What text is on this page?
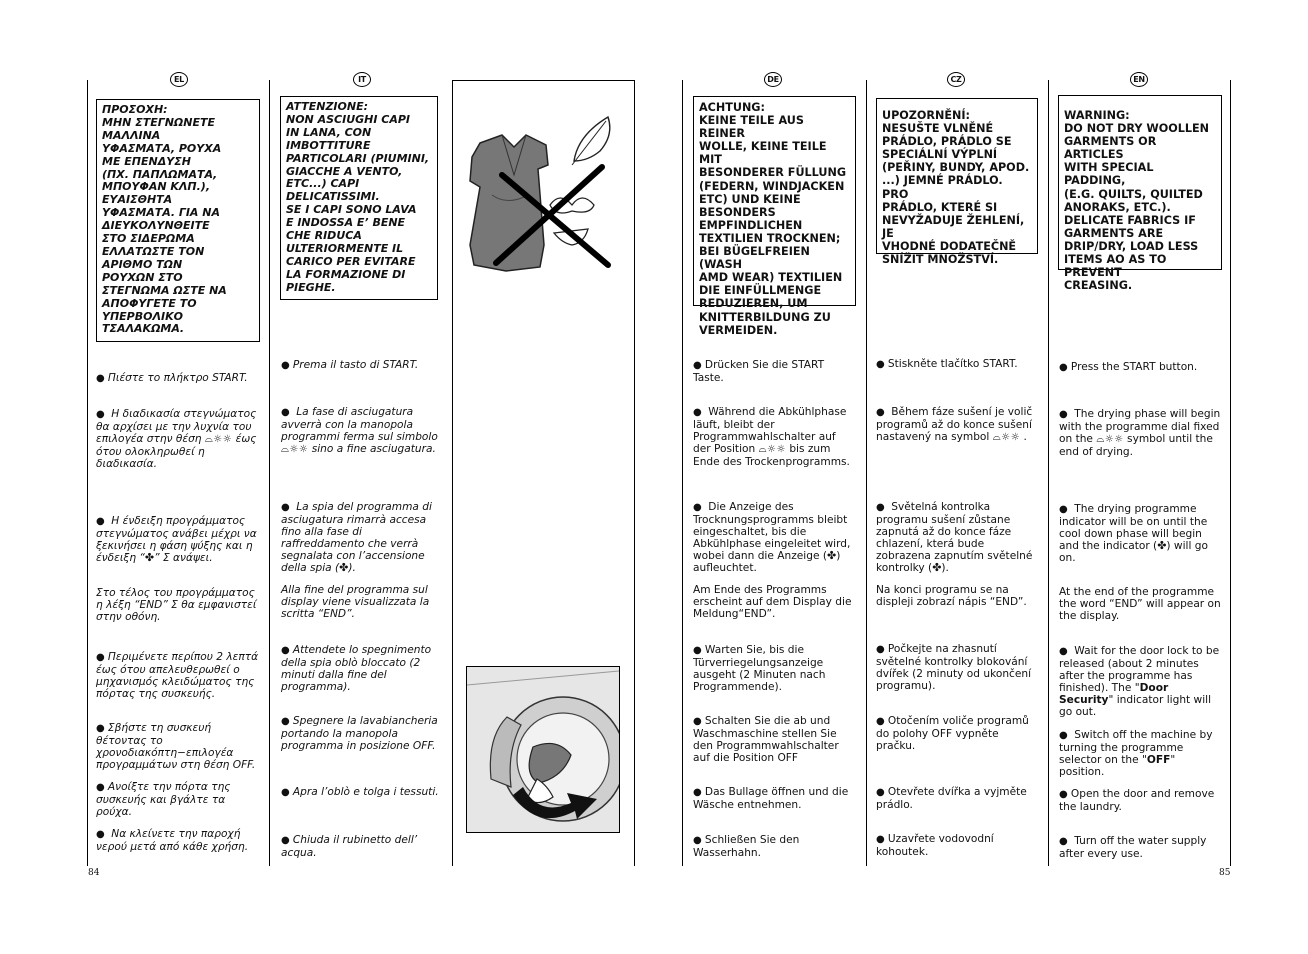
EL	IT	DE	CZ	EN
ΠΡΟΣΟΧΗ:
ΜΗΝ ΣΤΕΓΝΩΝΕΤΕ
ΜΑΛΛΙΝΑ
ΥΦΑΣΜΑΤΑ, ΡΟΥΧΑ
ΜΕ ΕΠΕΝΔΥΣΗ
(ΠΧ. ΠΑΠΛΩΜΑΤΑ,
ΜΠΟΥΦΑΝ ΚΛΠ.),
ΕΥΑΙΣΘΗΤΑ
ΥΦΑΣΜΑΤΑ. ΓΙΑ ΝΑ
ΔΙΕΥΚΟΛΥΝΘΕΙΤΕ
ΣΤΟ ΣΙΔΕΡΩΜΑ
ΕΛΛΑΤΩΣΤΕ ΤΟΝ
ΑΡΙΘΜΟ ΤΩΝ
ΡΟΥΧΩΝ ΣΤΟ
ΣΤΕΓΝΩΜΑ ΩΣΤΕ ΝΑ
ΑΠΟΦΥΓΕΤΕ ΤΟ
ΥΠΕΡΒΟΛΙΚΟ
ΤΣΑΛΑΚΩΜΑ.
● Πιέστε το πλήκτρο START.
● Η διαδικασία στεγνώματος θα αρχίσει με την λυχνία του επιλογέα στην θέση ⌓☼☼ έως ότου ολοκληρωθεί η διαδικασία.
● Η ένδειξη προγράμματος στεγνώματος ανάβει μέχρι να ξεκινήσει η φάση ψύξης και η ένδειξη “✤” Σ ανάψει.
Στο τέλος του προγράμματος η λέξη “END” Σ θα εμφανιστεί στην οθόνη.
● Περιμένετε περίπου 2 λεπτά έως ότου απελευθερωθεί ο μηχανισμός κλειδώματος της πόρτας της συσκευής.
● Σβήστε τη συσκευή θέτοντας το χρονοδιακόπτη−επιλογέα προγραμμάτων στη θέση OFF.
● Ανοίξτε την πόρτα της συσκευής και βγάλτε τα ρούχα.
●  Να κλείνετε την παροχή νερού μετά από κάθε χρήση.
84
ATTENZIONE:
NON ASCIUGHI CAPI
IN LANA, CON
IMBOTTITURE
PARTICOLARI (PIUMINI,
GIACCHE A VENTO,
ETC...) CAPI
DELICATISSIMI.
SE I CAPI SONO LAVA
E INDOSSA E’ BENE
CHE RIDUCA
ULTERIORMENTE IL
CARICO PER EVITARE
LA FORMAZIONE DI
PIEGHE.
● Prema il tasto di START.
● La fase di asciugatura avverrà con la manopola programmi ferma sul simbolo ⌓☼☼ sino a fine asciugatura.
● La spia del programma di asciugatura rimarrà accesa fino alla fase di raffreddamento che verrà segnalata con l’accensione della spia (✤).
Alla fine del programma sul display viene visualizzata la scritta “END”.
● Attendete lo spegnimento della spia oblò bloccato (2 minuti dalla fine del programma).
● Spegnere la lavabiancheria portando la manopola programma in posizione OFF.
● Apra l’oblò e tolga i tessuti.
● Chiuda il rubinetto dell’ acqua.
ACHTUNG:
KEINE TEILE AUS REINER
WOLLE, KEINE TEILE MIT
BESONDERER FÜLLUNG
(FEDERN, WINDJACKEN
ETC) UND KEINE
BESONDERS
EMPFINDLICHEN
TEXTILIEN TROCKNEN;
BEI BÜGELFREIEN (WASH
AMD WEAR) TEXTILIEN
DIE EINFÜLLMENGE
REDUZIEREN, UM
KNITTERBILDUNG ZU
VERMEIDEN.
● Drücken Sie die START Taste.
● Während die Abkühlphase läuft, bleibt der Programmwahlschalter auf der Position ⌓☼☼ bis zum Ende des Trockenprogramms.
● Die Anzeige des Trocknungsprogramms bleibt eingeschaltet, bis die Abkühlphase eingeleitet wird, wobei dann die Anzeige (✤) aufleuchtet.
Am Ende des Programms erscheint auf dem Display die Meldung“END”.
● Warten Sie, bis die Türverriegelungsanzeige ausgeht (2 Minuten nach Programmende).
● Schalten Sie die ab und Waschmaschine stellen Sie den Programmwahlschalter auf die Position OFF
● Das Bullage öffnen und die Wäsche entnehmen.
● Schließen Sie den Wasserhahn.
UPOZORNĚNÍ:
NESUŠTE VLNĚNÉ
PRÁDLO, PRÁDLO SE
SPECIÁLNÍ VÝPLNÍ
(PEŘINY, BUNDY, APOD.
...) JEMNÉ PRÁDLO. PRO
PRÁDLO, KTERÉ SI
NEVYŽADUJE ŽEHLENÍ, JE
VHODNÉ DODATEČNĚ
SNÍŽIT MNOŽSTVÍ.
● Stiskněte tlačítko START.
● Během fáze sušení je volič programů až do konce sušení nastavený na symbol ⌓☼☼ .
● Světelná kontrolka programu sušení zůstane zapnutá až do konce fáze chlazení, která bude zobrazena zapnutím světelné kontrolky (✤).
Na konci programu se na displeji zobrazí nápis “END”.
● Počkejte na zhasnutí světelné kontrolky blokování dvířek (2 minuty od ukončení programu).
● Otočením voliče programů do polohy OFF vypněte pračku.
● Otevřete dvířka a vyjměte prádlo.
● Uzavřete vodovodní kohoutek.
WARNING:
DO NOT DRY WOOLLEN
GARMENTS OR ARTICLES
WITH SPECIAL PADDING,
(E.G. QUILTS, QUILTED
ANORAKS, ETC.).
DELICATE FABRICS IF
GARMENTS ARE
DRIP/DRY, LOAD LESS
ITEMS AO AS TO PREVENT
CREASING.
● Press the START button.
● The drying phase will begin with the programme dial fixed on the ⌓☼☼ symbol until the end of drying.
● The drying programme indicator will be on until the cool down phase will begin and the indicator (✤) will go on.
At the end of the programme the word “END” will appear on the display.
● Wait for the door lock to be released (about 2 minutes after the programme has finished). The "Door Security" indicator light will go out.
● Switch off the machine by turning the programme selector on the "OFF" position.
● Open the door and remove the laundry.
●  Turn off the water supply after every use.
85
